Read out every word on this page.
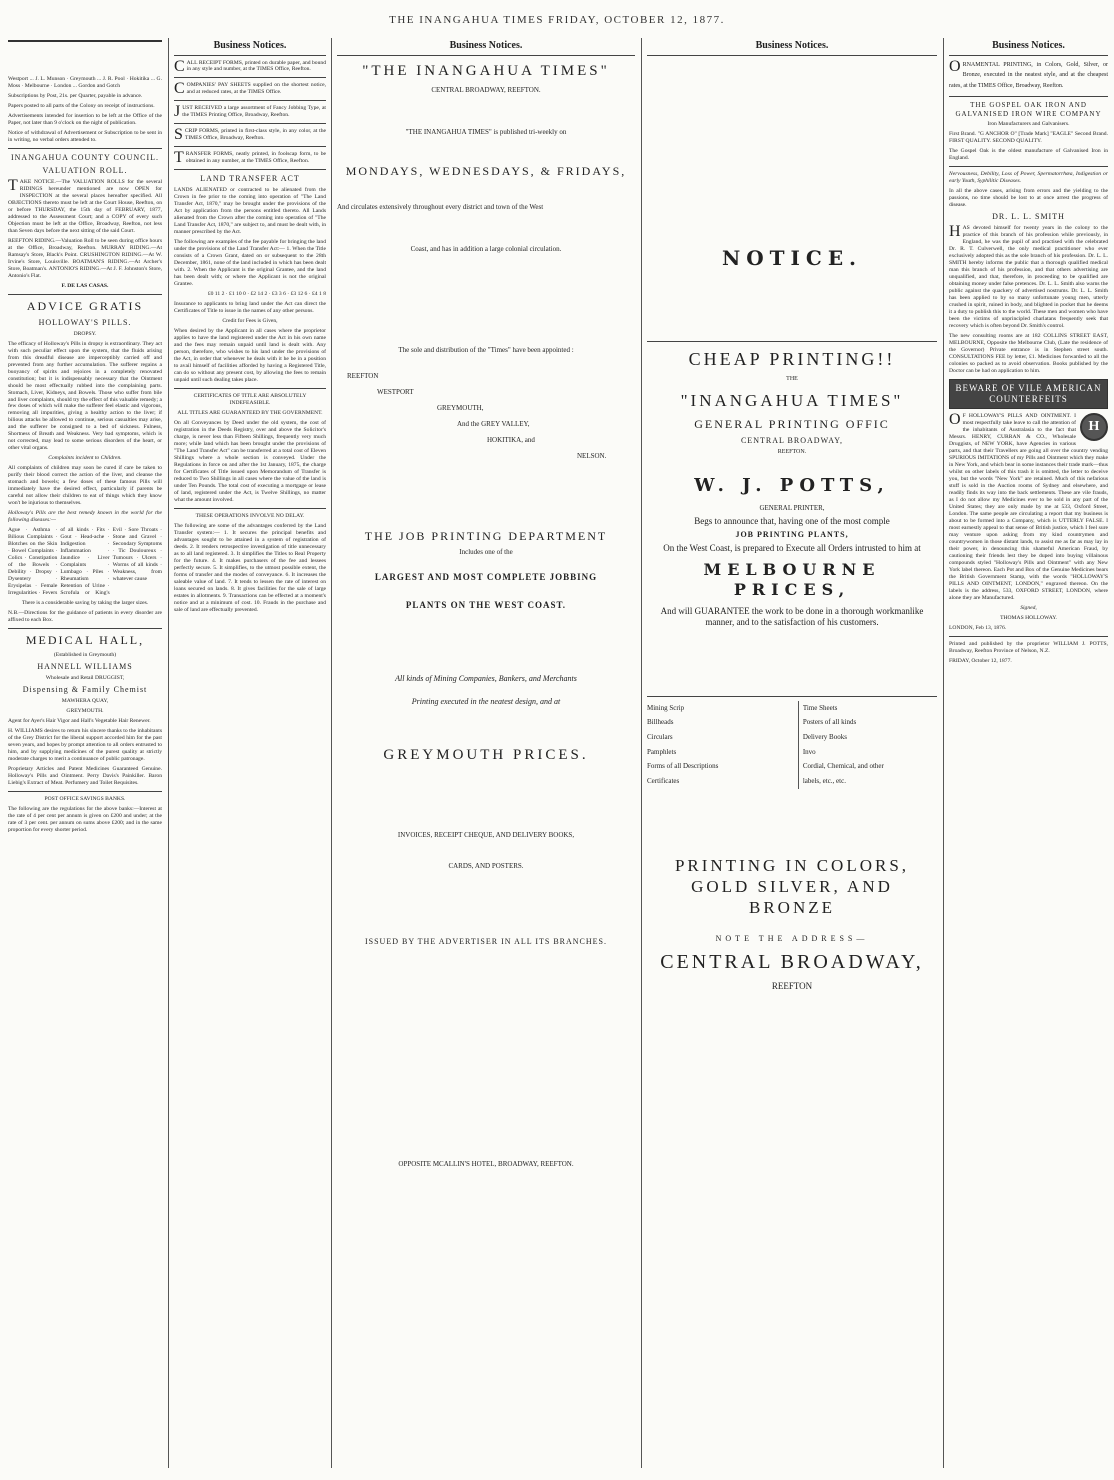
THE INANGAHUA TIMES FRIDAY, OCTOBER 12, 1877.
Westport ... J. L. Munson · Greymouth ... J. R. Pool · Hokitika ... G. Moss · Melbourne · London ... Gordon and Gotch
Subscriptions by Post, 21s. per Quarter, payable in advance.
Papers posted to all parts of the Colony on receipt of instructions.
Advertisements intended for insertion to be left at the Office of the Paper, not later than 9 o'clock on the night of publication.
Notice of withdrawal of Advertisement or Subscription to be sent in in writing, no verbal orders attended to.
INANGAHUA COUNTY COUNCIL.
VALUATION ROLL.
TAKE NOTICE.—The VALUATION ROLLS for the several RIDINGS hereunder mentioned are now OPEN for INSPECTION at the several places hereafter specified. All OBJECTIONS thereto must be left at the Court House, Reefton, on or before THURSDAY, the 15th day of FEBRUARY, 1877, addressed to the Assessment Court; and a COPY of every such Objection must be left at the Office, Broadway, Reefton, not less than Seven days before the next sitting of the said Court.
REEFTON RIDING.—Valuation Roll to be seen during office hours at the Office, Broadway, Reefton. MURRAY RIDING.—At Ramsay's Store, Black's Point. CRUSHINGTON RIDING.—At W. Irvine's Store, Louisville. BOATMAN'S RIDING.—At Archer's Store, Boatman's. ANTONIO'S RIDING.—At J. F. Johnston's Store, Antonio's Flat.
F. DE LAS CASAS.
ADVICE GRATIS
HOLLOWAY'S PILLS.
DROPSY.
The efficacy of Holloway's Pills in dropsy is extraordinary. They act with such peculiar effect upon the system, that the fluids arising from this dreadful disease are imperceptibly carried off and prevented from any further accumulation. The sufferer regains a buoyancy of spirits and rejoices in a completely renovated constitution; but it is indispensably necessary that the Ointment should be most effectually rubbed into the complaining parts. Stomach, Liver, Kidneys, and Bowels. Those who suffer from bile and liver complaints, should try the effect of this valuable remedy; a few doses of which will make the sufferer feel elastic and vigorous, removing all impurities, giving a healthy action to the liver; if bilious attacks be allowed to continue, serious casualties may arise, and the sufferer be consigned to a bed of sickness. Fulness, Shortness of Breath and Weakness. Very bad symptoms, which is not corrected, may lead to some serious disorders of the heart, or other vital organs.
Complaints incident to Children.
All complaints of children may soon be cured if care be taken to purify their blood correct the action of the liver, and cleanse the stomach and bowels; a few doses of these famous Pills will immediately have the desired effect, particularly if parents be careful not allow their children to eat of things which they know won't be injurious to themselves.
Holloway's Pills are the best remedy known in the world for the following diseases:—
Ague · Asthma · Bilious Complaints · Blotches on the Skin · Bowel Complaints · Colics · Constipation of the Bowels · Debility · Dropsy · Dysentery · Erysipelas · Female Irregularities · Fevers of all kinds · Fits · Gout · Head-ache · Indigestion · Inflammation · Jaundice · Liver Complaints · Lumbago · Piles · Rheumatism · Retention of Urine · Scrofula or King's Evil · Sore Throats · Stone and Gravel · Secondary Symptoms · Tic Douloureux · Tumours · Ulcers · Worms of all kinds · Weakness, from whatever cause
There is a considerable saving by taking the larger sizes.
N.B.—Directions for the guidance of patients in every disorder are affixed to each Box.
MEDICAL HALL,
(Established in Greymouth)
HANNELL WILLIAMS
Wholesale and Retail DRUGGIST,
Dispensing & Family Chemist
MAWHERA QUAY,
GREYMOUTH.
Agent for Ayer's Hair Vigor and Hall's Vegetable Hair Renewer.
H. WILLIAMS desires to return his sincere thanks to the inhabitants of the Grey District for the liberal support accorded him for the past seven years, and hopes by prompt attention to all orders entrusted to him, and by supplying medicines of the purest quality at strictly moderate charges to merit a continuance of public patronage.
Proprietary Articles and Patent Medicines Guaranteed Genuine. Holloway's Pills and Ointment. Perry Davis's Painkiller. Baron Liebig's Extract of Meat. Perfumery and Toilet Requisites.
POST OFFICE SAVINGS BANKS.
The following are the regulations for the above banks:—Interest at the rate of 4 per cent per annum is given on £200 and under; at the rate of 3 per cent. per annum on sums above £200; and in the same proportion for every shorter period.
Business Notices.
CALL RECEIPT FORMS, printed on durable paper, and bound in any style and number, at the TIMES Office, Reefton.
COMPANIES' PAY SHEETS supplied on the shortest notice, and at reduced rates, at the TIMES Office.
JUST RECEIVED a large assortment of Fancy Jobbing Type, at the TIMES Printing Office, Broadway, Reefton.
SCRIP FORMS, printed in first-class style, in any color, at the TIMES Office, Broadway, Reefton.
TRANSFER FORMS, neatly printed, in foolscap form, to be obtained in any number, at the TIMES Office, Reefton.
LAND TRANSFER ACT
LANDS ALIENATED or contracted to be alienated from the Crown in fee prior to the coming into operation of "The Land Transfer Act, 1870," may be brought under the provisions of the Act by application from the persons entitled thereto. All Lands alienated from the Crown after the coming into operation of "The Land Transfer Act, 1870," are subject to, and must be dealt with, in manner prescribed by the Act.
The following are examples of the fee payable for bringing the land under the provisions of the Land Transfer Act:— 1. When the Title consists of a Crown Grant, dated on or subsequent to the 28th December, 1861, none of the land included in which has been dealt with. 2. When the Applicant is the original Grantee, and the land has been dealt with; or where the Applicant is not the original Grantee.
£0 11 2 · £1 10 0 · £2 14 2 · £3 3 6 · £3 12 6 · £4 1 8
Insurance to applicants to bring land under the Act can direct the Certificates of Title to issue in the names of any other persons.
Credit for Fees is Given,
When desired by the Applicant in all cases where the proprietor applies to have the land registered under the Act in his own name and the fees may remain unpaid until land is dealt with. Any person, therefore, who wishes to his land under the provisions of the Act, in order that whenever he deals with it he be in a position to avail himself of facilities afforded by having a Registered Title, can do so without any present cost, by allowing the fees to remain unpaid until such dealing takes place.
CERTIFICATES OF TITLE ARE ABSOLUTELY INDEFEASIBLE.
ALL TITLES ARE GUARANTEED BY THE GOVERNMENT.
On all Conveyances by Deed under the old system, the cost of registration in the Deeds Registry, over and above the Solicitor's charge, is never less than Fifteen Shillings, frequently very much more; while land which has been brought under the provisions of "The Land Transfer Act" can be transferred at a total cost of Eleven Shillings where a whole section is conveyed. Under the Regulations in force on and after the 1st January, 1875, the charge for Certificates of Title issued upon Memorandum of Transfer is reduced to Two Shillings in all cases where the value of the land is under Ten Pounds. The total cost of executing a mortgage or lease of land, registered under the Act, is Twelve Shillings, no matter what the amount involved.
THESE OPERATIONS INVOLVE NO DELAY.
The following are some of the advantages conferred by the Land Transfer system:— 1. It secures the principal benefits and advantages sought to be attained in a system of registration of deeds. 2. It renders retrospective investigation of title unnecessary as to all land registered. 3. It simplifies the Titles to Real Property for the future. 4. It makes purchasers of the fee and lessees perfectly secure. 5. It simplifies, to the utmost possible extent, the forms of transfer and the modes of conveyance. 6. It increases the saleable value of land. 7. It tends to lessen the rate of interest on loans secured on lands. 8. It gives facilities for the sale of large estates in allotments. 9. Transactions can be effected at a moment's notice and at a minimum of cost. 10. Frauds in the purchase and sale of land are effectually prevented.
Business Notices.
"THE INANGAHUA TIMES"
CENTRAL BROADWAY, REEFTON.
"THE INANGAHUA TIMES" is published tri-weekly on
MONDAYS, WEDNESDAYS, & FRIDAYS,
And circulates extensively throughout every district and town of the West
Coast, and has in addition a large colonial circulation.
The sole and distribution of the "Times" have been appointed :
REEFTON
WESTPORT
GREYMOUTH,
And the GREY VALLEY,
HOKITIKA, and
NELSON.
THE JOB PRINTING DEPARTMENT
Includes one of the
LARGEST AND MOST COMPLETE JOBBING
PLANTS ON THE WEST COAST.
All kinds of Mining Companies, Bankers, and Merchants
Printing executed in the neatest design, and at
GREYMOUTH PRICES.
INVOICES, RECEIPT CHEQUE, AND DELIVERY BOOKS,
CARDS, AND POSTERS.
ISSUED BY THE ADVERTISER IN ALL ITS BRANCHES.
OPPOSITE MCALLIN'S HOTEL, BROADWAY, REEFTON.
Business Notices.
NOTICE.
CHEAP PRINTING!!
THE
"INANGAHUA TIMES"
GENERAL PRINTING OFFIC
CENTRAL BROADWAY,
REEFTON.
W. J. POTTS,
GENERAL PRINTER,
Begs to announce that, having one of the most comple
JOB PRINTING PLANTS,
On the West Coast, is prepared to Execute all Orders intrusted to him at
MELBOURNE PRICES,
And will GUARANTEE the work to be done in a thorough workmanlike manner, and to the satisfaction of his customers.
Mining Scrip
Billheads
Circulars
Pamphlets
Forms of all Descriptions
Certificates
Time Sheets
Posters of all kinds
Delivery Books
Invo
Cordial, Chemical, and other
labels, etc., etc.
PRINTING IN COLORS, GOLD SILVER, AND BRONZE
NOTE THE ADDRESS—
CENTRAL BROADWAY,
REEFTON
Business Notices.
ORNAMENTAL PRINTING, in Colors, Gold, Silver, or Bronze, executed in the neatest style, and at the cheapest rates, at the TIMES Office, Broadway, Reefton.
THE GOSPEL OAK IRON AND GALVANISED IRON WIRE COMPANY
Iron Manufacturers and Galvanisers.
First Brand. "G ANCHOR O" [Trade Mark] "EAGLE" Second Brand. FIRST QUALITY. SECOND QUALITY.
The Gospel Oak is the oldest manufacture of Galvanised Iron in England.
Nervousness, Debility, Loss of Power, Spermatorrhœa, Indigestion or early Youth, Syphilitic Diseases.
In all the above cases, arising from errors and the yielding to the passions, no time should be lost to at once arrest the progress of disease.
DR. L. L. SMITH
HAS devoted himself for twenty years in the colony to the practice of this branch of his profession while previously, in England, he was the pupil of and practised with the celebrated Dr. R. T. Culverwell, the only medical practitioner who ever exclusively adopted this as the sole branch of his profession. Dr. L. L. SMITH hereby informs the public that a thorough qualified medical man this branch of his profession, and that others advertising are unqualified, and that, therefore, in proceeding to be qualified are obtaining money under false pretences. Dr. L. L. Smith also warns the public against the quackery of advertised nostrums. Dr. L. L. Smith has been applied to by so many unfortunate young men, utterly crushed in spirit, ruined in body, and blighted in pocket that he deems it a duty to publish this to the world. These men and women who have been the victims of unprincipled charlatans frequently seek that recovery which is often beyond Dr. Smith's control.
The new consulting rooms are at 182 COLLINS STREET EAST, MELBOURNE, Opposite the Melbourne Club, (Late the residence of the Governor) Private entrance is in Stephen street south. CONSULTATIONS FEE by letter, £1. Medicines forwarded to all the colonies so packed as to avoid observation. Books published by the Doctor can be had on application to him.
BEWARE OF VILE AMERICAN COUNTERFEITS
H
OF HOLLOWAY'S PILLS AND OINTMENT. I most respectfully take leave to call the attention of the inhabitants of Australasia to the fact that Messrs. HENRY, CURRAN & CO., Wholesale Druggists, of NEW YORK, have Agencies in various parts, and that their Travellers are going all over the country vending SPURIOUS IMITATIONS of my Pills and Ointment which they make in New York, and which bear in some instances their trade mark—thus whilst on other labels of this trash it is omitted, the letter to deceive you, but the words "New York" are retained. Much of this nefarious stuff is sold in the Auction rooms of Sydney and elsewhere, and readily finds its way into the back settlements. These are vile frauds, as I do not allow my Medicines ever to be sold in any part of the United States; they are only made by me at 533, Oxford Street, London. The same people are circulating a report that my business is about to be formed into a Company, which is UTTERLY FALSE. I most earnestly appeal to that sense of British justice, which I feel sure may venture upon asking from my kind countrymen and countrywomen in those distant lands, to assist me as far as may lay in their power, in denouncing this shameful American Fraud, by cautioning their friends lest they be duped into buying villainous compounds styled "Holloway's Pills and Ointment" with any New York label thereon. Each Pot and Box of the Genuine Medicines bears the British Government Stamp, with the words "HOLLOWAY'S PILLS AND OINTMENT, LONDON," engraved thereon. On the labels is the address, 533, OXFORD STREET, LONDON, where alone they are Manufactured.
Signed,
THOMAS HOLLOWAY.
LONDON, Feb 13, 1876.
Printed and published by the proprietor WILLIAM J. POTTS, Broadway, Reefton Province of Nelson, N.Z.
FRIDAY, October 12, 1877.
